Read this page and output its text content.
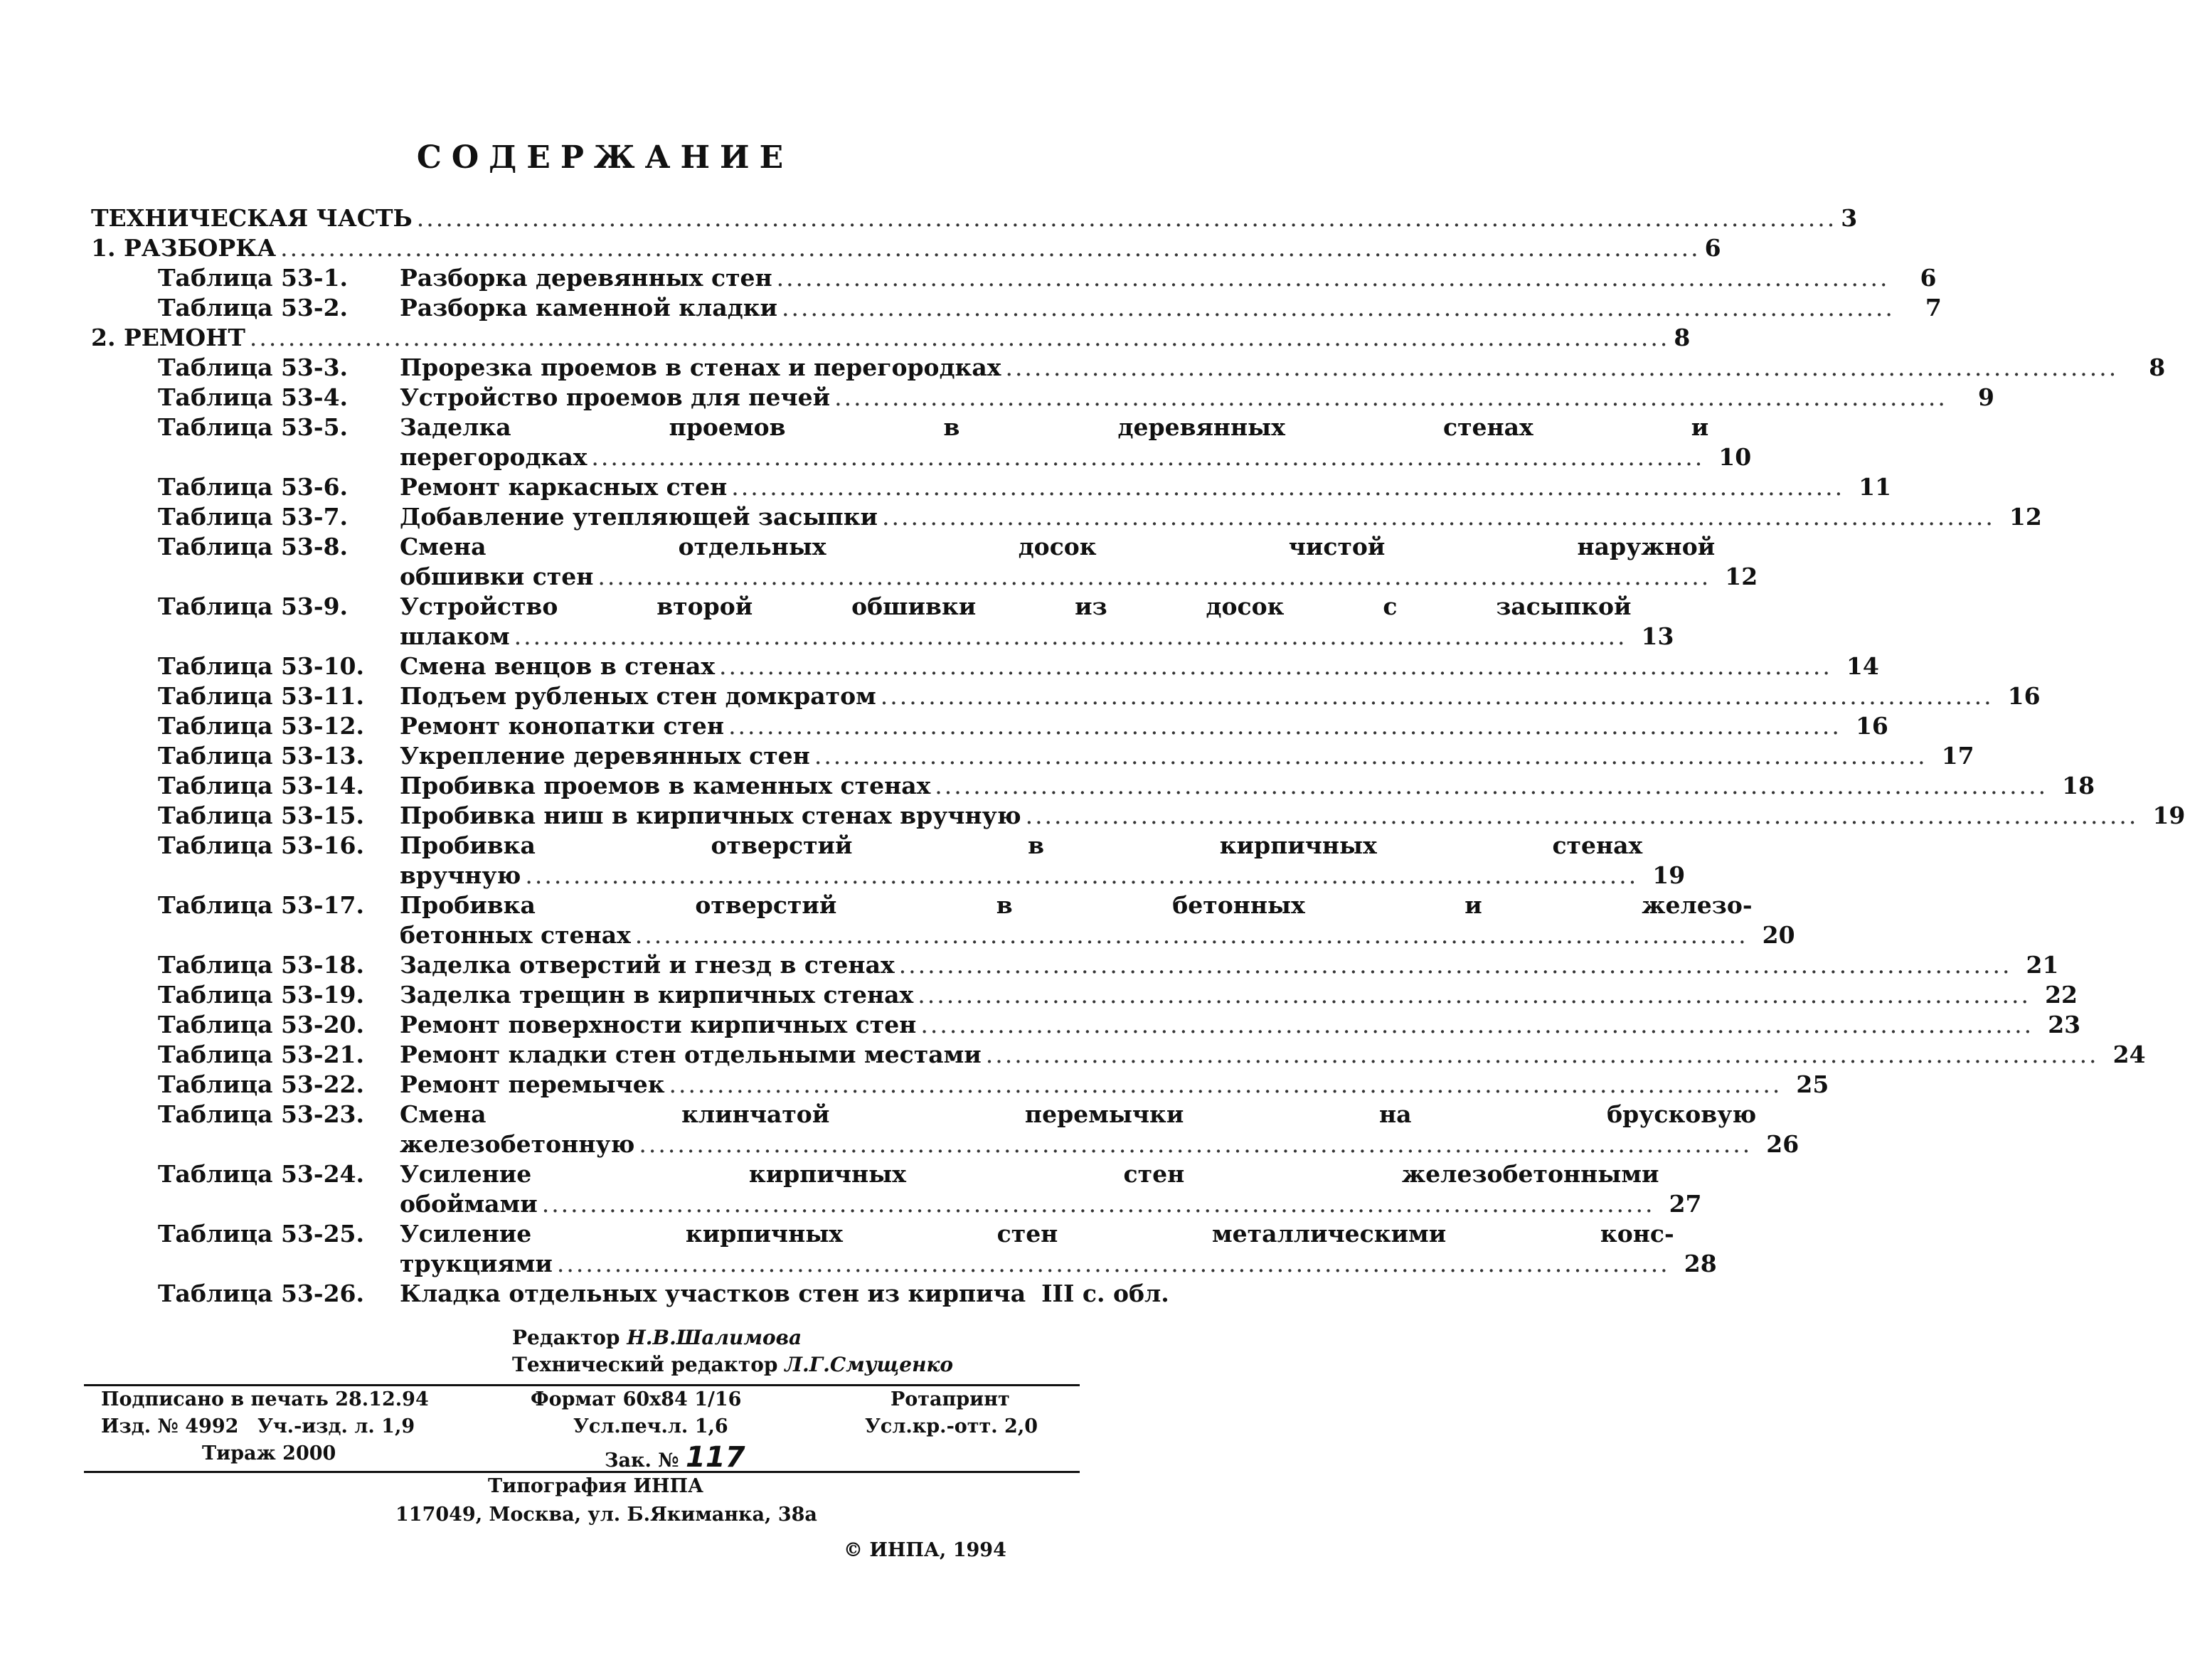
СОДЕРЖАНИЕ
ТЕХНИЧЕСКАЯ ЧАСТЬ .................................................................................................................................................... 3
1. РАЗБОРКА .................................................................................................................................................... 6
Таблица 53-1.	Разборка деревянных стен ....................................................................................................................	6
Таблица 53-2.	Разборка каменной кладки ....................................................................................................................	7
2. РЕМОНТ .................................................................................................................................................... 8
Таблица 53-3.	Прорезка проемов в стенах и перегородках ....................................................................................................................	8
Таблица 53-4.	Устройство проемов для печей ....................................................................................................................	9
Таблица 53-5.	Заделка проемов в деревянных стенах и
перегородках .................................................................................................................... 10
Таблица 53-6.	Ремонт каркасных стен .................................................................................................................... 11
Таблица 53-7.	Добавление утепляющей засыпки .................................................................................................................... 12
Таблица 53-8.	Смена отдельных досок чистой наружной
обшивки стен .................................................................................................................... 12
Таблица 53-9.	Устройство второй обшивки из досок с засыпкой
шлаком .................................................................................................................... 13
Таблица 53-10.	Смена венцов в стенах .................................................................................................................... 14
Таблица 53-11.	Подъем рубленых стен домкратом .................................................................................................................... 16
Таблица 53-12.	Ремонт конопатки стен .................................................................................................................... 16
Таблица 53-13.	Укрепление деревянных стен .................................................................................................................... 17
Таблица 53-14.	Пробивка проемов в каменных стенах .................................................................................................................... 18
Таблица 53-15.	Пробивка ниш в кирпичных стенах вручную .................................................................................................................... 19
Таблица 53-16.	Пробивка отверстий в кирпичных стенах
вручную .................................................................................................................... 19
Таблица 53-17.	Пробивка отверстий в бетонных и железо-
бетонных стенах .................................................................................................................... 20
Таблица 53-18.	Заделка отверстий и гнезд в стенах .................................................................................................................... 21
Таблица 53-19.	Заделка трещин в кирпичных стенах .................................................................................................................... 22
Таблица 53-20.	Ремонт поверхности кирпичных стен .................................................................................................................... 23
Таблица 53-21.	Ремонт кладки стен отдельными местами .................................................................................................................... 24
Таблица 53-22.	Ремонт перемычек .................................................................................................................... 25
Таблица 53-23.	Смена клинчатой перемычки на брусковую
железобетонную .................................................................................................................... 26
Таблица 53-24.	Усиление кирпичных стен железобетонными
обоймами .................................................................................................................... 27
Таблица 53-25.	Усиление кирпичных стен металлическими конс-
трукциями .................................................................................................................... 28
Таблица 53-26.	Кладка отдельных участков стен из кирпича III с. обл.
Редактор Н.В.Шалимова
Технический редактор Л.Г.Смущенко
Подписано в печать 28.12.94	Формат 60х84 1/16	Ротапринт
Изд. № 4992 Уч.-изд. л. 1,9	Усл.печ.л. 1,6	Усл.кр.-отт. 2,0
Тираж 2000	Зак. № 117
Типография ИНПА
117049, Москва, ул. Б.Якиманка, 38а
© ИНПА, 1994
